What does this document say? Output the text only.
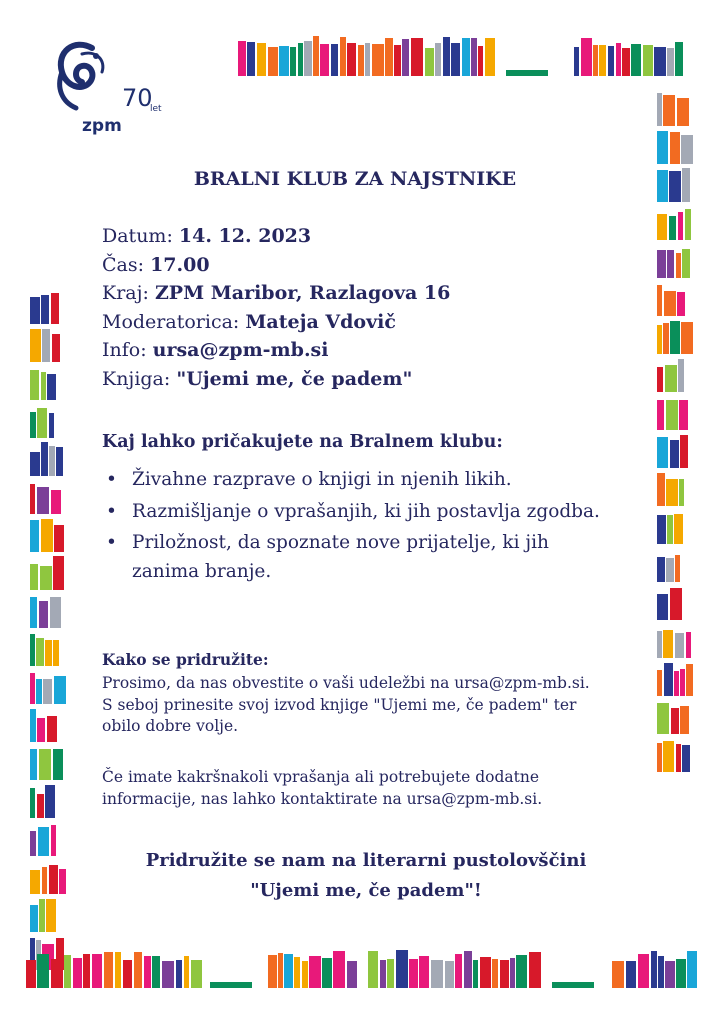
zpm
70
let
BRALNI KLUB ZA NAJSTNIKE
Datum: 14. 12. 2023
Čas: 17.00
Kraj: ZPM Maribor, Razlagova 16
Moderatorica: Mateja Vdovič
Info: ursa@zpm-mb.si
Knjiga: "Ujemi me, če padem"
Kaj lahko pričakujete na Bralnem klubu:
• Živahne razprave o knjigi in njenih likih.
• Razmišljanje o vprašanjih, ki jih postavlja zgodba.
• Priložnost, da spoznate nove prijatelje, ki jih zanima branje.
Kako se pridružite:
Prosimo, da nas obvestite o vaši udeležbi na ursa@zpm-mb.si. S seboj prinesite svoj izvod knjige "Ujemi me, če padem" ter obilo dobre volje.
Če imate kakršnakoli vprašanja ali potrebujete dodatne informacije, nas lahko kontaktirate na ursa@zpm-mb.si.
Pridružite se nam na literarni pustolovščini
"Ujemi me, če padem"!
